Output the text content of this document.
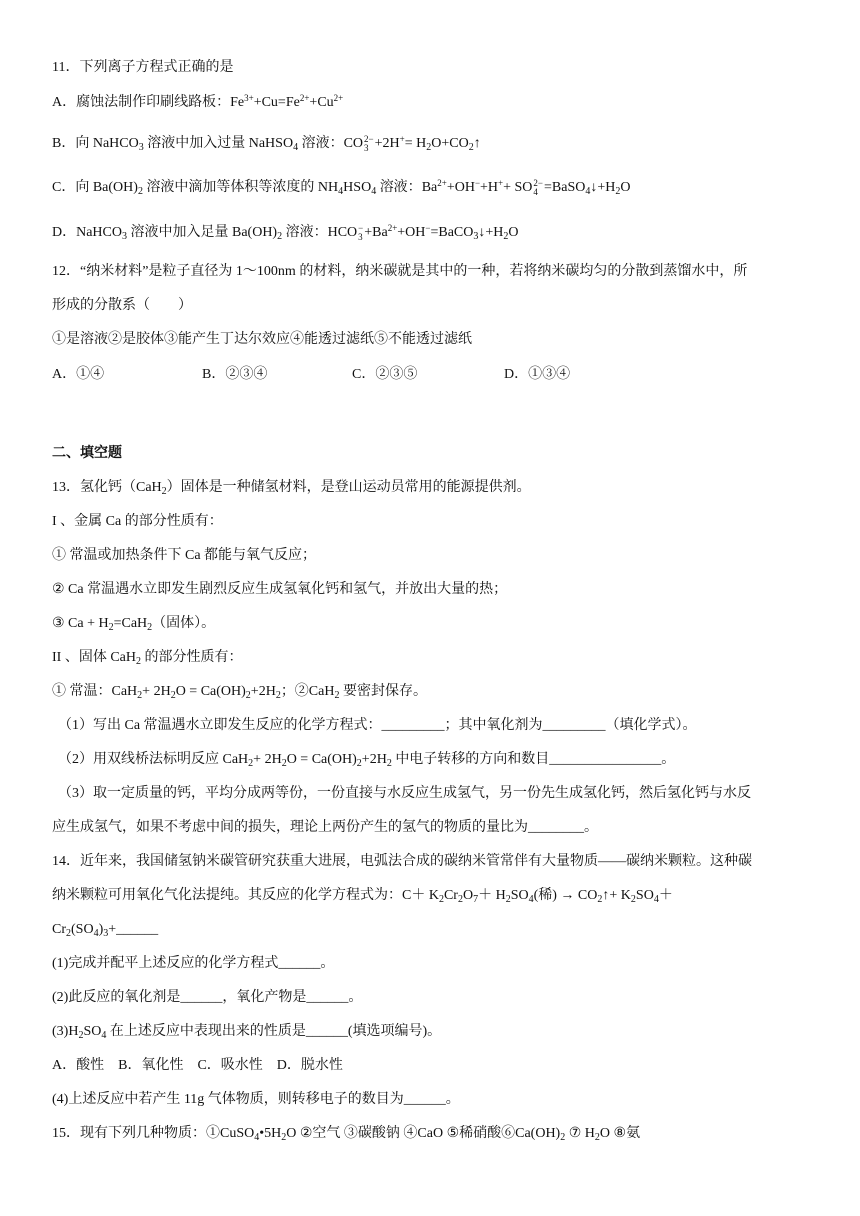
11．下列离子方程式正确的是
A．腐蚀法制作印刷线路板：$Fe^{3+}+Cu=Fe^{2+}+Cu^{2+}$
B．向 NaHCO$_3$ 溶液中加入过量 NaHSO$_4$ 溶液：CO 2−
$3 +2H^+= H_2O+CO_2↑$
C．向 $Ba(OH)_2$ 溶液中滴加等体积等浓度的 $NH_4HSO_4$ 溶液：$Ba^{2+}+OH^-+H^++$ SO 2−
$4 =BaSO_4↓+H_2O$
D．NaHCO$_3$ 溶液中加入足量 $Ba(OH)_2$ 溶液：HCO −
$3 +Ba^{2+}+OH^-=BaCO_3↓+H_2O$
12．“纳米材料”是粒子直径为 1～100nm 的材料，纳米碳就是其中的一种，若将纳米碳均匀的分散到蒸馏水中，所
形成的分散系（　　）
①是溶液②是胶体③能产生丁达尔效应④能透过滤纸⑤不能透过滤纸
A．①④	B．②③④	C．②③⑤	D．①③④
二、填空题
13．氢化钙（CaH$_2$）固体是一种储氢材料，是登山运动员常用的能源提供剂。
I 、金属 Ca 的部分性质有：
① 常温或加热条件下 Ca 都能与氧气反应；
② Ca 常温遇水立即发生剧烈反应生成氢氧化钙和氢气，并放出大量的热；
③ $Ca + H_2=CaH_2$（固体）。
II 、固体 CaH$_2$ 的部分性质有：
① 常温：$CaH_2+ 2H_2O = Ca(OH)_2+2H_2$；②CaH$_2$ 要密封保存。
（1）写出 Ca 常温遇水立即发生反应的化学方程式：_________；其中氧化剂为_________（填化学式）。
（2）用双线桥法标明反应 $CaH_2+ 2H_2O = Ca(OH)_2+2H_2$ 中电子转移的方向和数目________________。
（3）取一定质量的钙，平均分成两等份，一份直接与水反应生成氢气，另一份先生成氢化钙，然后氢化钙与水反
应生成氢气，如果不考虑中间的损失，理论上两份产生的氢气的物质的量比为________。
14．近年来，我国储氢钠米碳管研究获重大进展，电弧法合成的碳纳米管常伴有大量物质——碳纳米颗粒。这种碳
纳米颗粒可用氧化气化法提纯。其反应的化学方程式为：$C+ K_2Cr_2O_7+ H_2SO_4$(稀) → $CO_2↑+ K_2SO_4+$
$Cr_2(SO_4)_3+\_\_\_\_\_\_$
(1)完成并配平上述反应的化学方程式______。
(2)此反应的氧化剂是______，氧化产物是______。
$(3)H_2SO_4$ 在上述反应中表现出来的性质是______(填选项编号)。
A．酸性　B．氧化性　C．吸水性　D．脱水性
(4)上述反应中若产生 11g 气体物质，则转移电子的数目为______。
15．现有下列几种物质：$①CuSO_4•5H_2O$ ②空气 ③碳酸钠 ④CaO ⑤稀硝酸$⑥Ca(OH)_2$ ⑦ $H_2O$ ⑧氨
